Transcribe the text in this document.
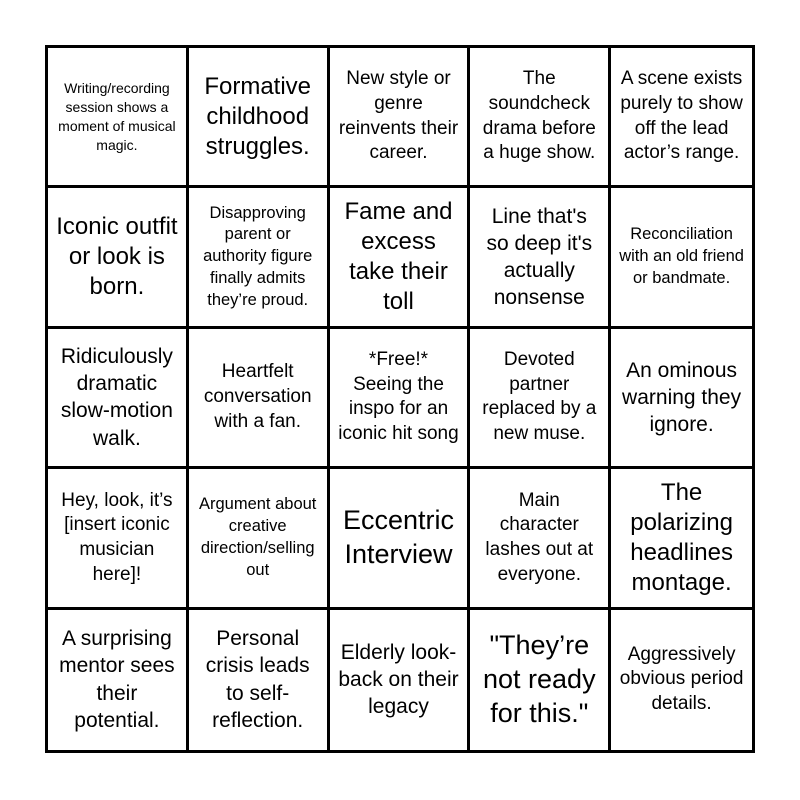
Writing/recording session shows a moment of musical magic.
Formative childhood struggles.
New style or genre reinvents their career.
The soundcheck drama before a huge show.
A scene exists purely to show off the lead actor’s range.
Iconic outfit or look is born.
Disapproving parent or authority figure finally admits they’re proud.
Fame and excess take their toll
Line that's so deep it's actually nonsense
Reconciliation with an old friend or bandmate.
Ridiculously dramatic slow-motion walk.
Heartfelt conversation with a fan.
*Free!* Seeing the inspo for an iconic hit song
Devoted partner replaced by a new muse.
An ominous warning they ignore.
Hey, look, it’s [insert iconic musician here]!
Argument about creative direction/selling out
Eccentric Interview
Main character lashes out at everyone.
The polarizing headlines montage.
A surprising mentor sees their potential.
Personal crisis leads to self-reflection.
Elderly look-back on their legacy
"They’re not ready for this."
Aggressively obvious period details.
